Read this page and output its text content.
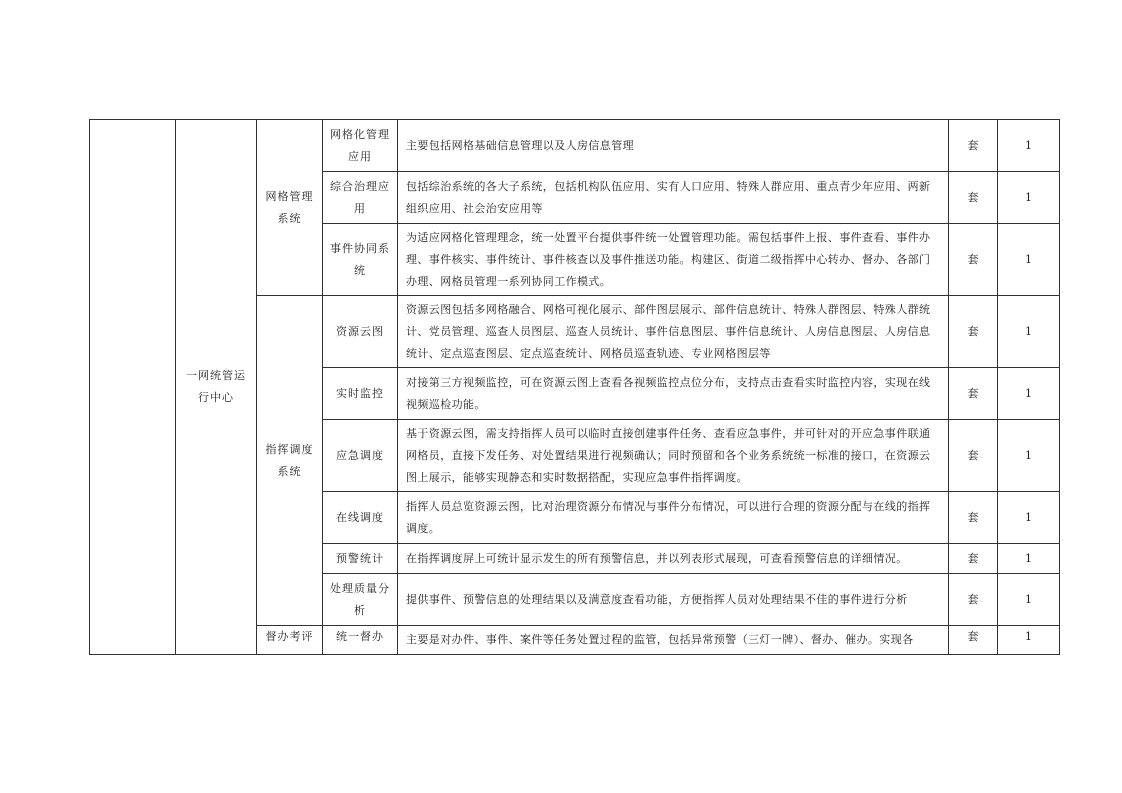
	一网统管运行中心	网格管理系统	网格化管理应用	主要包括网格基础信息管理以及人房信息管理	套	1
			综合治理应用	包括综治系统的各大子系统，包括机构队伍应用、实有人口应用、特殊人群应用、重点青少年应用、两新组织应用、社会治安应用等	套	1
			事件协同系统	为适应网格化管理理念，统一处置平台提供事件统一处置管理功能。需包括事件上报、事件查看、事件办理、事件核实、事件统计、事件核查以及事件推送功能。构建区、街道二级指挥中心转办、督办、各部门办理、网格员管理一系列协同工作模式。	套	1
		指挥调度系统	资源云图	资源云图包括多网格融合、网格可视化展示、部件图层展示、部件信息统计、特殊人群图层、特殊人群统计、党员管理、巡查人员图层、巡查人员统计、事件信息图层、事件信息统计、人房信息图层、人房信息统计、定点巡查图层、定点巡查统计、网格员巡查轨迹、专业网格图层等	套	1
			实时监控	对接第三方视频监控，可在资源云图上查看各视频监控点位分布，支持点击查看实时监控内容，实现在线视频巡检功能。	套	1
			应急调度	基于资源云图，需支持指挥人员可以临时直接创建事件任务、查看应急事件，并可针对的开应急事件联通网格员，直接下发任务、对处置结果进行视频确认；同时预留和各个业务系统统一标准的接口，在资源云图上展示，能够实现静态和实时数据搭配，实现应急事件指挥调度。	套	1
			在线调度	指挥人员总览资源云图，比对治理资源分布情况与事件分布情况，可以进行合理的资源分配与在线的指挥调度。	套	1
			预警统计	在指挥调度屏上可统计显示发生的所有预警信息，并以列表形式展现，可查看预警信息的详细情况。	套	1
			处理质量分析	提供事件、预警信息的处理结果以及满意度查看功能，方便指挥人员对处理结果不佳的事件进行分析	套	1
		督办考评	统一督办	主要是对办件、事件、案件等任务处置过程的监管，包括异常预警（三灯一牌）、督办、催办。实现各	套	1
